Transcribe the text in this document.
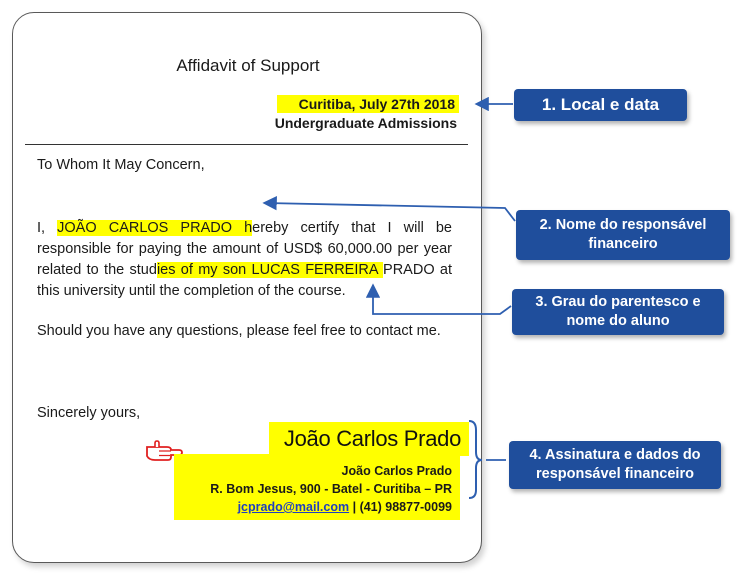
Affidavit of Support
Curitiba, July 27th 2018
Undergraduate Admissions
To Whom It May Concern,
I, JOÃO CARLOS PRADO hereby certify that I will be responsible for paying the amount of USD$ 60,000.00 per year related to the studies of my son LUCAS FERREIRA PRADO at this university until the completion of the course.
Should you have any questions, please feel free to contact me.
Sincerely yours,
João Carlos Prado
João Carlos Prado
R. Bom Jesus, 900 - Batel - Curitiba – PR
jcprado@mail.com | (41) 98877-0099
1. Local e data
2. Nome do responsável
financeiro
3. Grau do parentesco e
nome do aluno
4. Assinatura e dados do
responsável financeiro
